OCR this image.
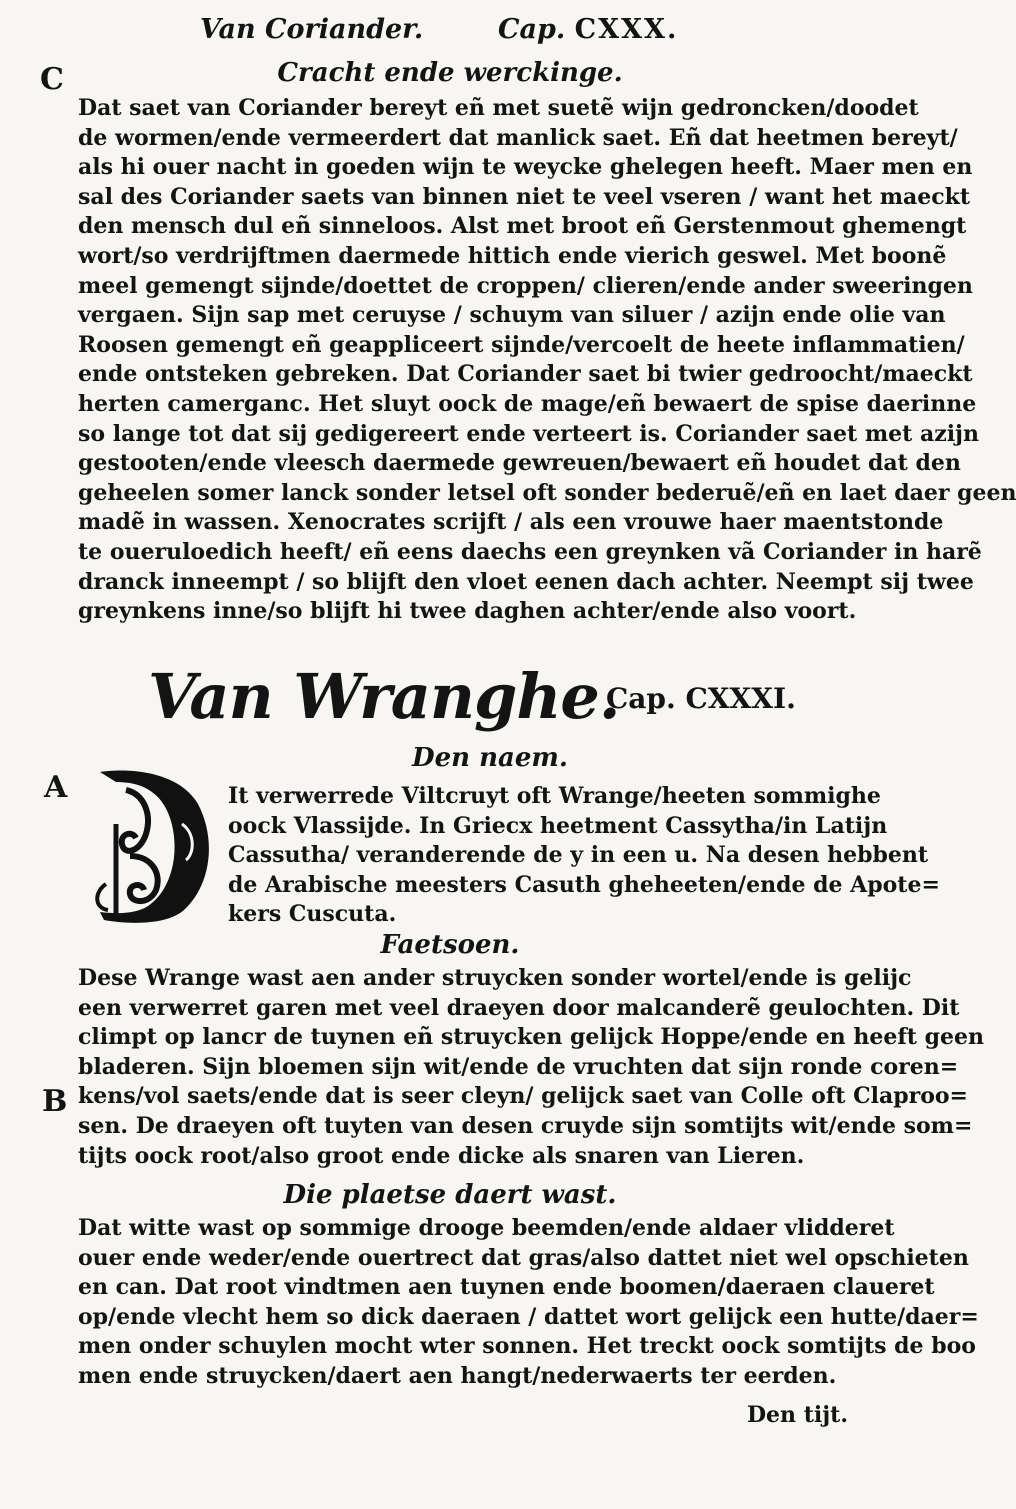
Van Coriander.	Cap. CXXX.
C	Cracht ende werckinge.
Dat saet van Coriander bereyt eñ met suetẽ wijn gedroncken/doodet
de wormen/ende vermeerdert dat manlick saet. Eñ dat heetmen bereyt/
als hi ouer nacht in goeden wijn te weycke ghelegen heeft. Maer men en
sal des Coriander saets van binnen niet te veel vseren / want het maeckt
den mensch dul eñ sinneloos. Alst met broot eñ Gerstenmout ghemengt
wort/so verdrijftmen daermede hittich ende vierich geswel. Met boonẽ
meel gemengt sijnde/doettet de croppen/ clieren/ende ander sweeringen
vergaen. Sijn sap met ceruyse / schuym van siluer / azijn ende olie van
Roosen gemengt eñ geappliceert sijnde/vercoelt de heete inflammatien/
ende ontsteken gebreken. Dat Coriander saet bi twier gedroocht/maeckt
herten camerganc. Het sluyt oock de mage/eñ bewaert de spise daerinne
so lange tot dat sij gedigereert ende verteert is. Coriander saet met azijn
gestooten/ende vleesch daermede gewreuen/bewaert eñ houdet dat den
geheelen somer lanck sonder letsel oft sonder bederuẽ/eñ en laet daer geen
madẽ in wassen. Xenocrates scrijft / als een vrouwe haer maentstonde
te oueruloedich heeft/ eñ eens daechs een greynken vã Coriander in harẽ
dranck inneempt / so blijft den vloet eenen dach achter. Neempt sij twee
greynkens inne/so blijft hi twee daghen achter/ende also voort.
Van Wranghe.
Cap. CXXXI.
Den naem.
A	It verwerrede Viltcruyt oft Wrange/heeten sommighe
oock Vlassijde. In Griecx heetment Cassytha/in Latijn
Cassutha/ veranderende de y in een u. Na desen hebbent
de Arabische meesters Casuth gheheeten/ende de Apote=
kers Cuscuta.
Faetsoen.
Dese Wrange wast aen ander struycken sonder wortel/ende is gelijc
een verwerret garen met veel draeyen door malcanderẽ geulochten. Dit
climpt op lancr de tuynen eñ struycken gelijck Hoppe/ende en heeft geen
bladeren. Sijn bloemen sijn wit/ende de vruchten dat sijn ronde coren=
kens/vol saets/ende dat is seer cleyn/ gelijck saet van Colle oft Claproo=
sen. De draeyen oft tuyten van desen cruyde sijn somtijts wit/ende som=
tijts oock root/also groot ende dicke als snaren van Lieren.
B
Die plaetse daert wast.
Dat witte wast op sommige drooge beemden/ende aldaer vlidderet
ouer ende weder/ende ouertrect dat gras/also dattet niet wel opschieten
en can. Dat root vindtmen aen tuynen ende boomen/daeraen claueret
op/ende vlecht hem so dick daeraen / dattet wort gelijck een hutte/daer=
men onder schuylen mocht wter sonnen. Het treckt oock somtijts de boo
men ende struycken/daert aen hangt/nederwaerts ter eerden.
Den tijt.
